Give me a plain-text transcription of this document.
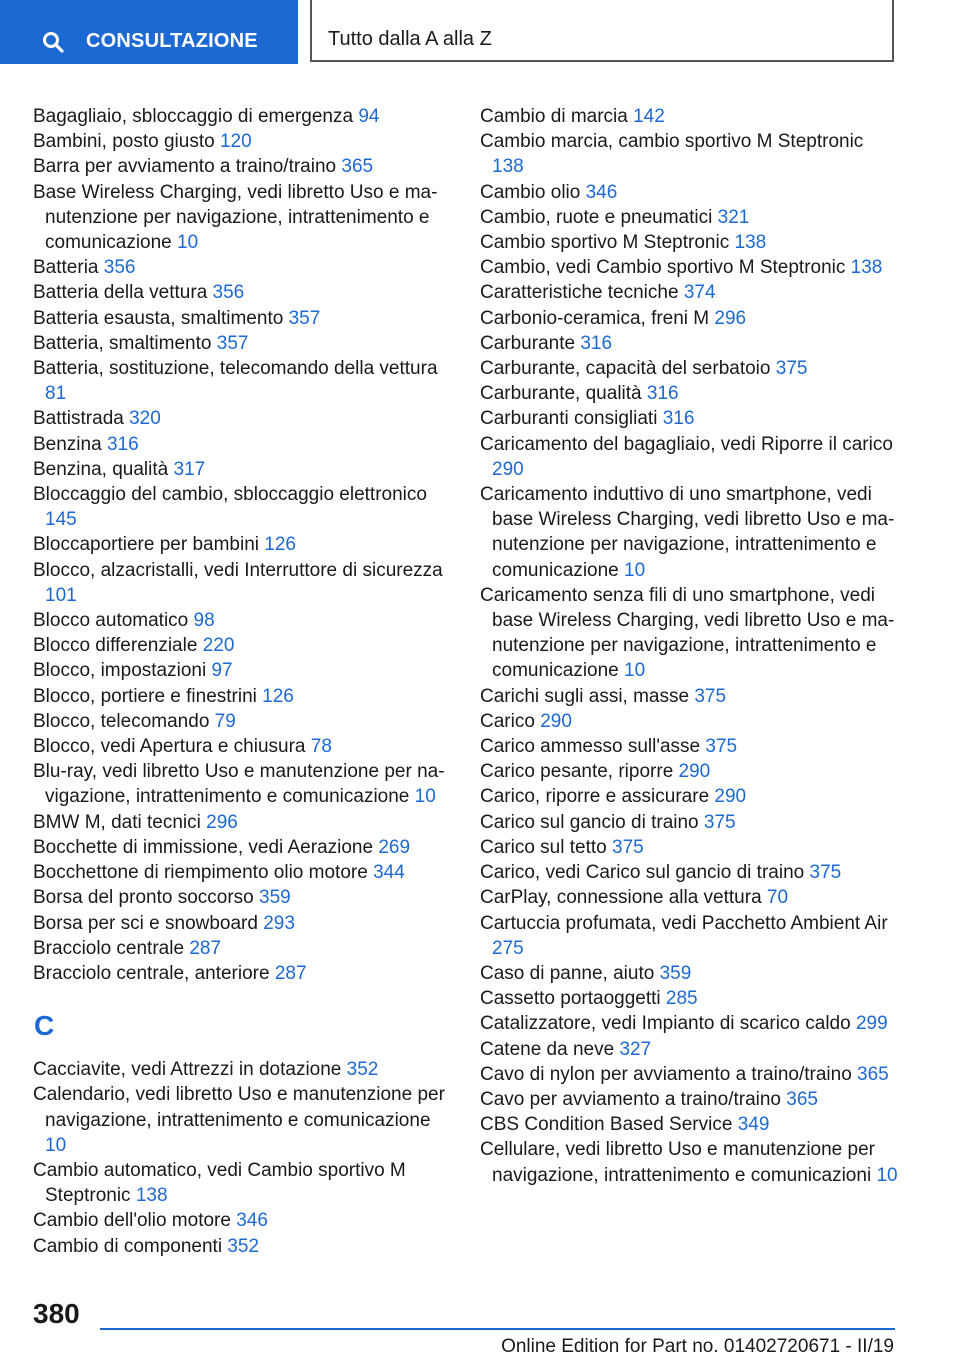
CONSULTAZIONE	Tutto dalla A alla Z
Bagagliaio, sbloccaggio di emergenza 94
Bambini, posto giusto 120
Barra per avviamento a traino/traino 365
Base Wireless Charging, vedi libretto Uso e manutenzione per navigazione, intrattenimento e comunicazione 10
Batteria 356
Batteria della vettura 356
Batteria esausta, smaltimento 357
Batteria, smaltimento 357
Batteria, sostituzione, telecomando della vettura 81
Battistrada 320
Benzina 316
Benzina, qualità 317
Bloccaggio del cambio, sbloccaggio elettronico 145
Bloccaportiere per bambini 126
Blocco, alzacristalli, vedi Interruttore di sicurezza 101
Blocco automatico 98
Blocco differenziale 220
Blocco, impostazioni 97
Blocco, portiere e finestrini 126
Blocco, telecomando 79
Blocco, vedi Apertura e chiusura 78
Blu-ray, vedi libretto Uso e manutenzione per navigazione, intrattenimento e comunicazione 10
BMW M, dati tecnici 296
Bocchette di immissione, vedi Aerazione 269
Bocchettone di riempimento olio motore 344
Borsa del pronto soccorso 359
Borsa per sci e snowboard 293
Bracciolo centrale 287
Bracciolo centrale, anteriore 287
C
Cacciavite, vedi Attrezzi in dotazione 352
Calendario, vedi libretto Uso e manutenzione per navigazione, intrattenimento e comunicazione 10
Cambio automatico, vedi Cambio sportivo M Steptronic 138
Cambio dell'olio motore 346
Cambio di componenti 352
Cambio di marcia 142
Cambio marcia, cambio sportivo M Steptronic 138
Cambio olio 346
Cambio, ruote e pneumatici 321
Cambio sportivo M Steptronic 138
Cambio, vedi Cambio sportivo M Steptronic 138
Caratteristiche tecniche 374
Carbonio-ceramica, freni M 296
Carburante 316
Carburante, capacità del serbatoio 375
Carburante, qualità 316
Carburanti consigliati 316
Caricamento del bagagliaio, vedi Riporre il carico 290
Caricamento induttivo di uno smartphone, vedi base Wireless Charging, vedi libretto Uso e manutenzione per navigazione, intrattenimento e comunicazione 10
Caricamento senza fili di uno smartphone, vedi base Wireless Charging, vedi libretto Uso e manutenzione per navigazione, intrattenimento e comunicazione 10
Carichi sugli assi, masse 375
Carico 290
Carico ammesso sull'asse 375
Carico pesante, riporre 290
Carico, riporre e assicurare 290
Carico sul gancio di traino 375
Carico sul tetto 375
Carico, vedi Carico sul gancio di traino 375
CarPlay, connessione alla vettura 70
Cartuccia profumata, vedi Pacchetto Ambient Air 275
Caso di panne, aiuto 359
Cassetto portaoggetti 285
Catalizzatore, vedi Impianto di scarico caldo 299
Catene da neve 327
Cavo di nylon per avviamento a traino/traino 365
Cavo per avviamento a traino/traino 365
CBS Condition Based Service 349
Cellulare, vedi libretto Uso e manutenzione per navigazione, intrattenimento e comunicazioni 10
380
Online Edition for Part no. 01402720671 - II/19
